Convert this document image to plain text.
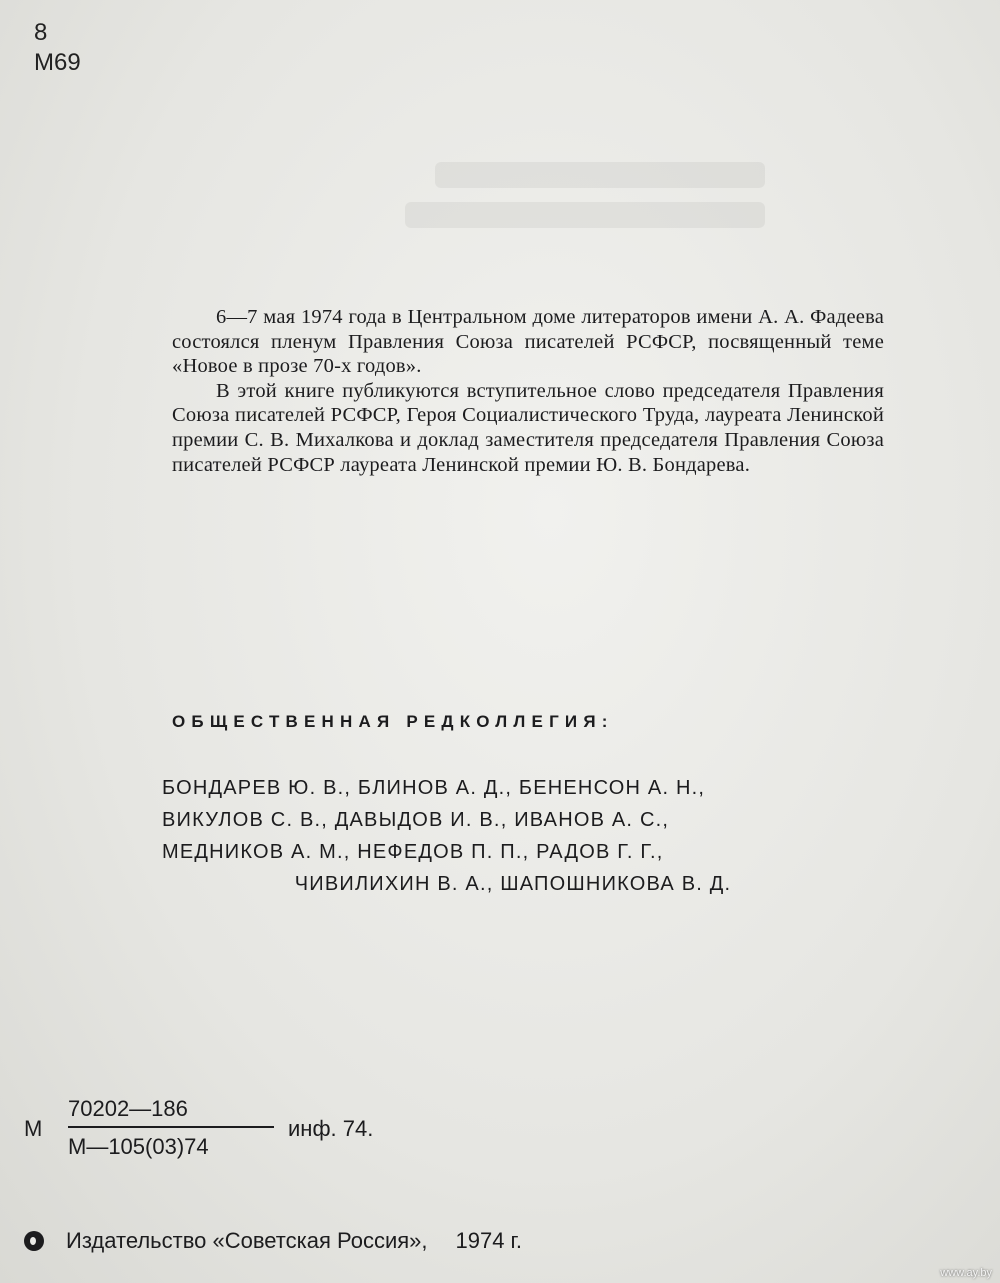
8
M69

6—7 мая 1974 года в Центральном доме литераторов имени А. А. Фадеева состоялся пленум Правления Союза писателей РСФСР, посвященный теме «Новое в прозе 70-х годов».

В этой книге публикуются вступительное слово председателя Правления Союза писателей РСФСР, Героя Социалистического Труда, лауреата Ленинской премии С. В. Михалкова и доклад заместителя председателя Правления Союза писателей РСФСР лауреата Ленинской премии Ю. В. Бондарева.

ОБЩЕСТВЕННАЯ РЕДКОЛЛЕГИЯ:
БОНДАРЕВ Ю. В., БЛИНОВ А. Д., БЕНЕНСОН А. Н.,
ВИКУЛОВ С. В., ДАВЫДОВ И. В., ИВАНОВ А. С.,
МЕДНИКОВ А. М., НЕФЕДОВ П. П., РАДОВ Г. Г.,
ЧИВИЛИХИН В. А., ШАПОШНИКОВА В. Д.
М
70202—186
М—105(03)74
инф. 74.
Издательство «Советская Россия», 1974 г.
www.ay.by
